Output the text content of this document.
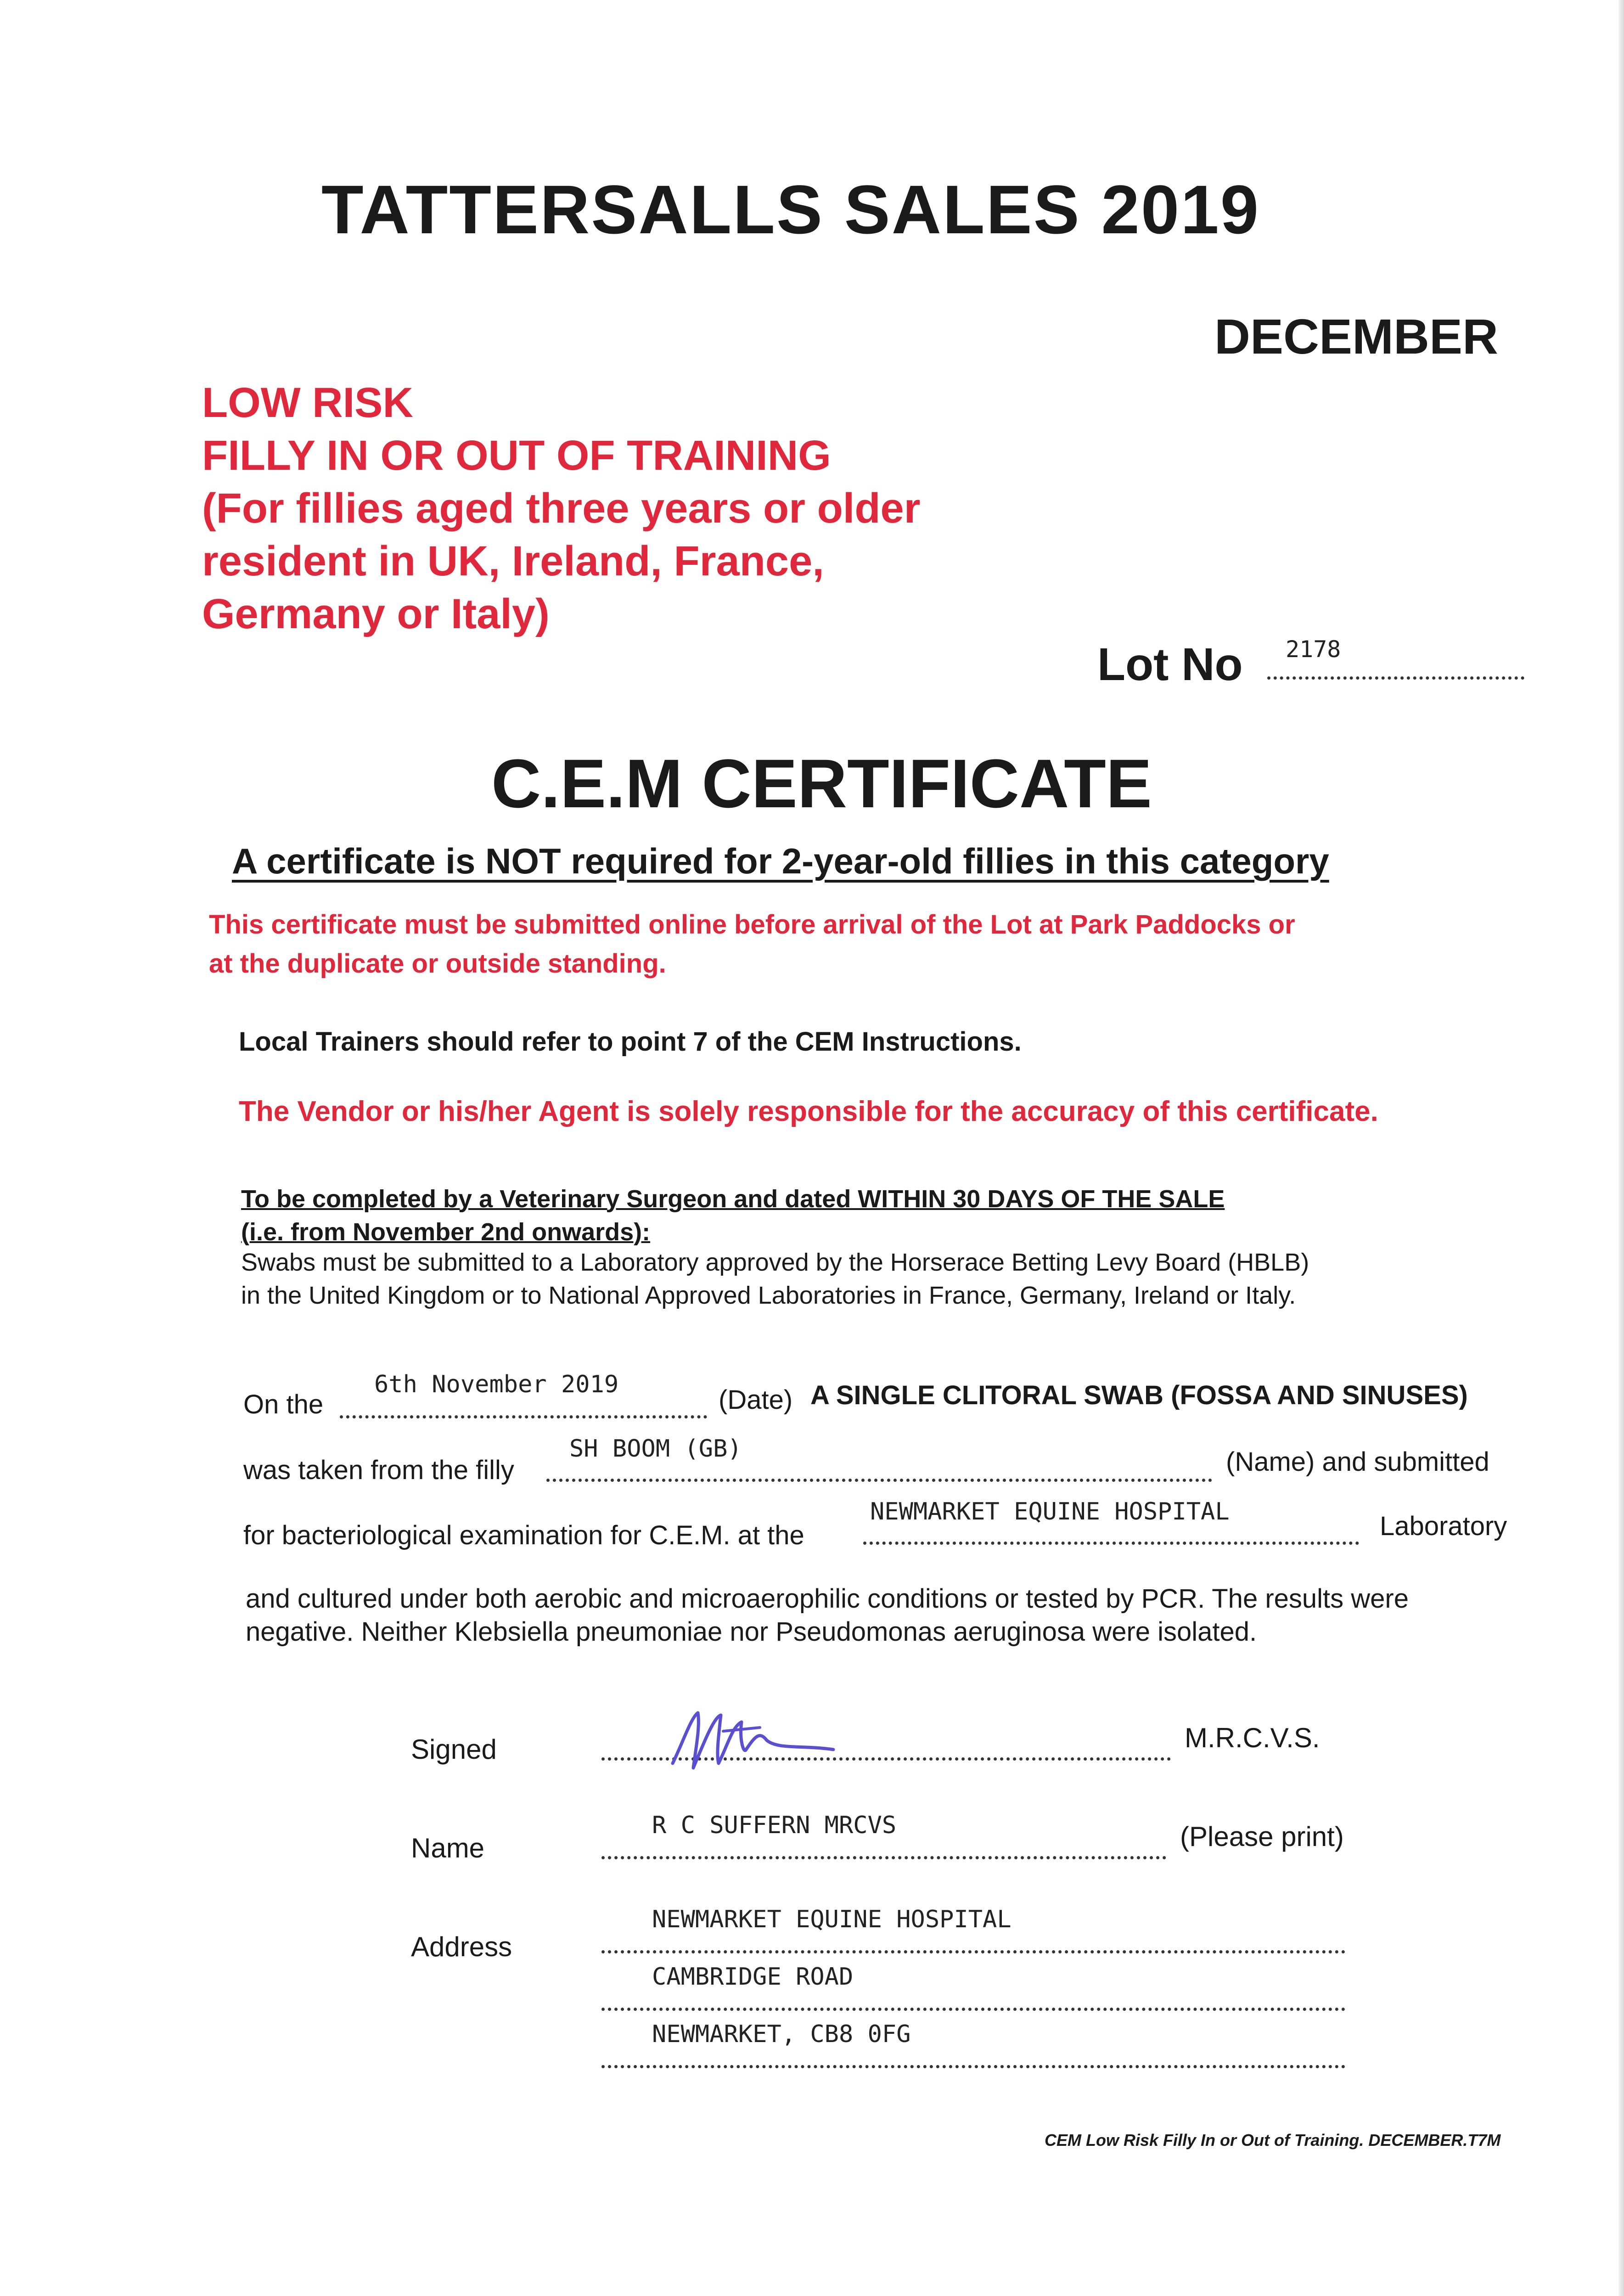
TATTERSALLS SALES 2019
DECEMBER
LOW RISK
FILLY IN OR OUT OF TRAINING
(For fillies aged three years or older
resident in UK, Ireland, France,
Germany or Italy)
Lot No 2178
C.E.M CERTIFICATE
A certificate is NOT required for 2-year-old fillies in this category
This certificate must be submitted online before arrival of the Lot at Park Paddocks or
at the duplicate or outside standing.
Local Trainers should refer to point 7 of the CEM Instructions.
The Vendor or his/her Agent is solely responsible for the accuracy of this certificate.
To be completed by a Veterinary Surgeon and dated WITHIN 30 DAYS OF THE SALE
(i.e. from November 2nd onwards):
Swabs must be submitted to a Laboratory approved by the Horserace Betting Levy Board (HBLB)
in the United Kingdom or to National Approved Laboratories in France, Germany, Ireland or Italy.
On the
6th November 2019
(Date) A SINGLE CLITORAL SWAB (FOSSA AND SINUSES)
was taken from the filly
SH BOOM (GB)	(Name) and submitted
for bacteriological examination for C.E.M. at the
NEWMARKET EQUINE HOSPITAL	Laboratory
and cultured under both aerobic and microaerophilic conditions or tested by PCR. The results were
negative. Neither Klebsiella pneumoniae nor Pseudomonas aeruginosa were isolated.
Signed	M.R.C.V.S.
Name
R C SUFFERN MRCVS	(Please print)
Address
NEWMARKET EQUINE HOSPITAL
CAMBRIDGE ROAD
NEWMARKET, CB8 0FG
CEM Low Risk Filly In or Out of Training. DECEMBER.T7M
